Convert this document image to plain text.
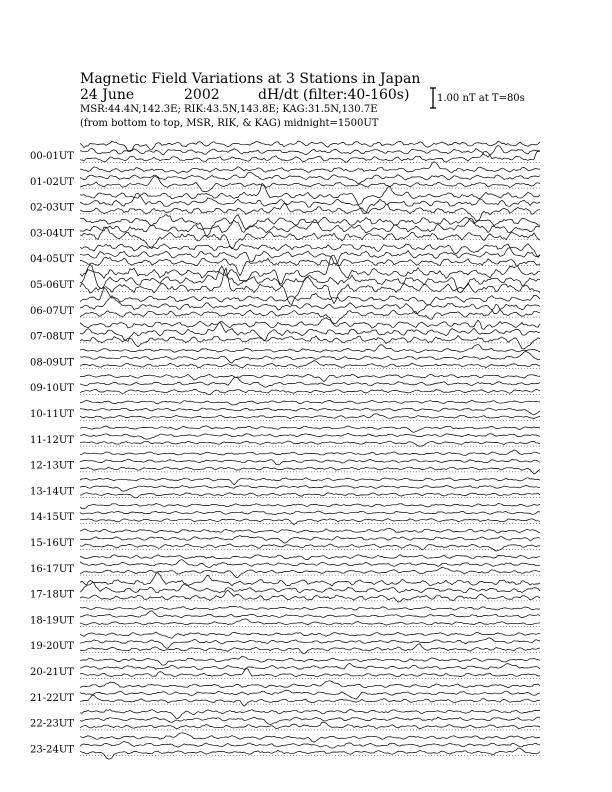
Magnetic Field Variations at 3 Stations in Japan
24 June	2002	dH/dt (filter:40-160s)
MSR:44.4N,142.3E; RIK:43.5N,143.8E; KAG:31.5N,130.7E
(from bottom to top, MSR, RIK, & KAG) midnight=1500UT
1.00 nT at T=80s
00-01UT
01-02UT
02-03UT
03-04UT
04-05UT
05-06UT
06-07UT
07-08UT
08-09UT
09-10UT
10-11UT
11-12UT
12-13UT
13-14UT
14-15UT
15-16UT
16-17UT
17-18UT
18-19UT
19-20UT
20-21UT
21-22UT
22-23UT
23-24UT
